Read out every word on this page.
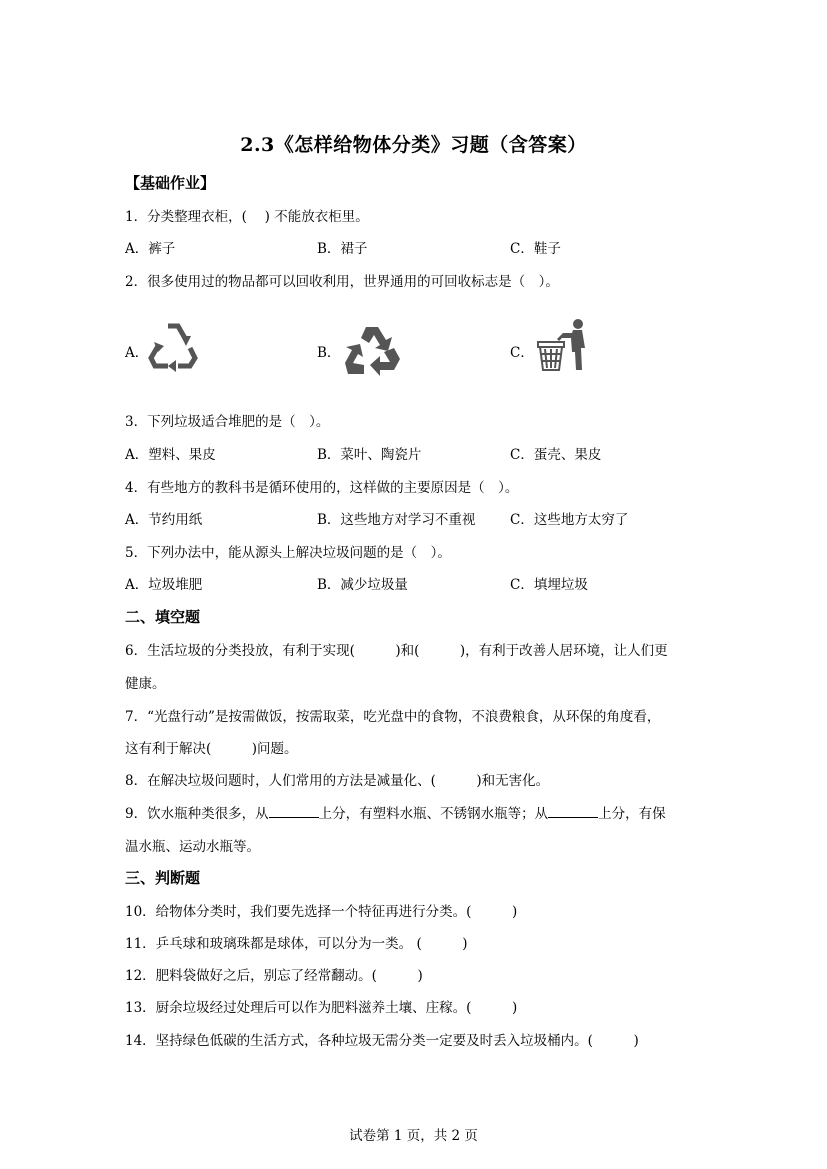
2.3《怎样给物体分类》习题（含答案）
【基础作业】
1．分类整理衣柜，(　 ) 不能放衣柜里。
A．裤子	B．裙子	C．鞋子
2．很多使用过的物品都可以回收利用，世界通用的可回收标志是（　）。
A．	B．	C．
3．下列垃圾适合堆肥的是（　）。
A．塑料、果皮	B．菜叶、陶瓷片	C．蛋壳、果皮
4．有些地方的教科书是循环使用的，这样做的主要原因是（　）。
A．节约用纸	B．这些地方对学习不重视	C．这些地方太穷了
5．下列办法中，能从源头上解决垃圾问题的是（　）。
A．垃圾堆肥	B．减少垃圾量	C．填埋垃圾
二、填空题
6．生活垃圾的分类投放，有利于实现(　　　)和(　　　)，有利于改善人居环境，让人们更
健康。
7．“光盘行动”是按需做饭，按需取菜，吃光盘中的食物，不浪费粮食，从环保的角度看，
这有利于解决(　　　)问题。
8．在解决垃圾问题时，人们常用的方法是减量化、(　　　)和无害化。
9．饮水瓶种类很多，从	上分，有塑料水瓶、不锈钢水瓶等；从	上分，有保
温水瓶、运动水瓶等。
三、判断题
10．给物体分类时，我们要先选择一个特征再进行分类。(　　　)
11．乒乓球和玻璃珠都是球体，可以分为一类。 (　　　)
12．肥料袋做好之后，别忘了经常翻动。(　　　)
13．厨余垃圾经过处理后可以作为肥料滋养土壤、庄稼。(　　　)
14．坚持绿色低碳的生活方式，各种垃圾无需分类一定要及时丢入垃圾桶内。(　　　)
试卷第 1 页，共 2 页
